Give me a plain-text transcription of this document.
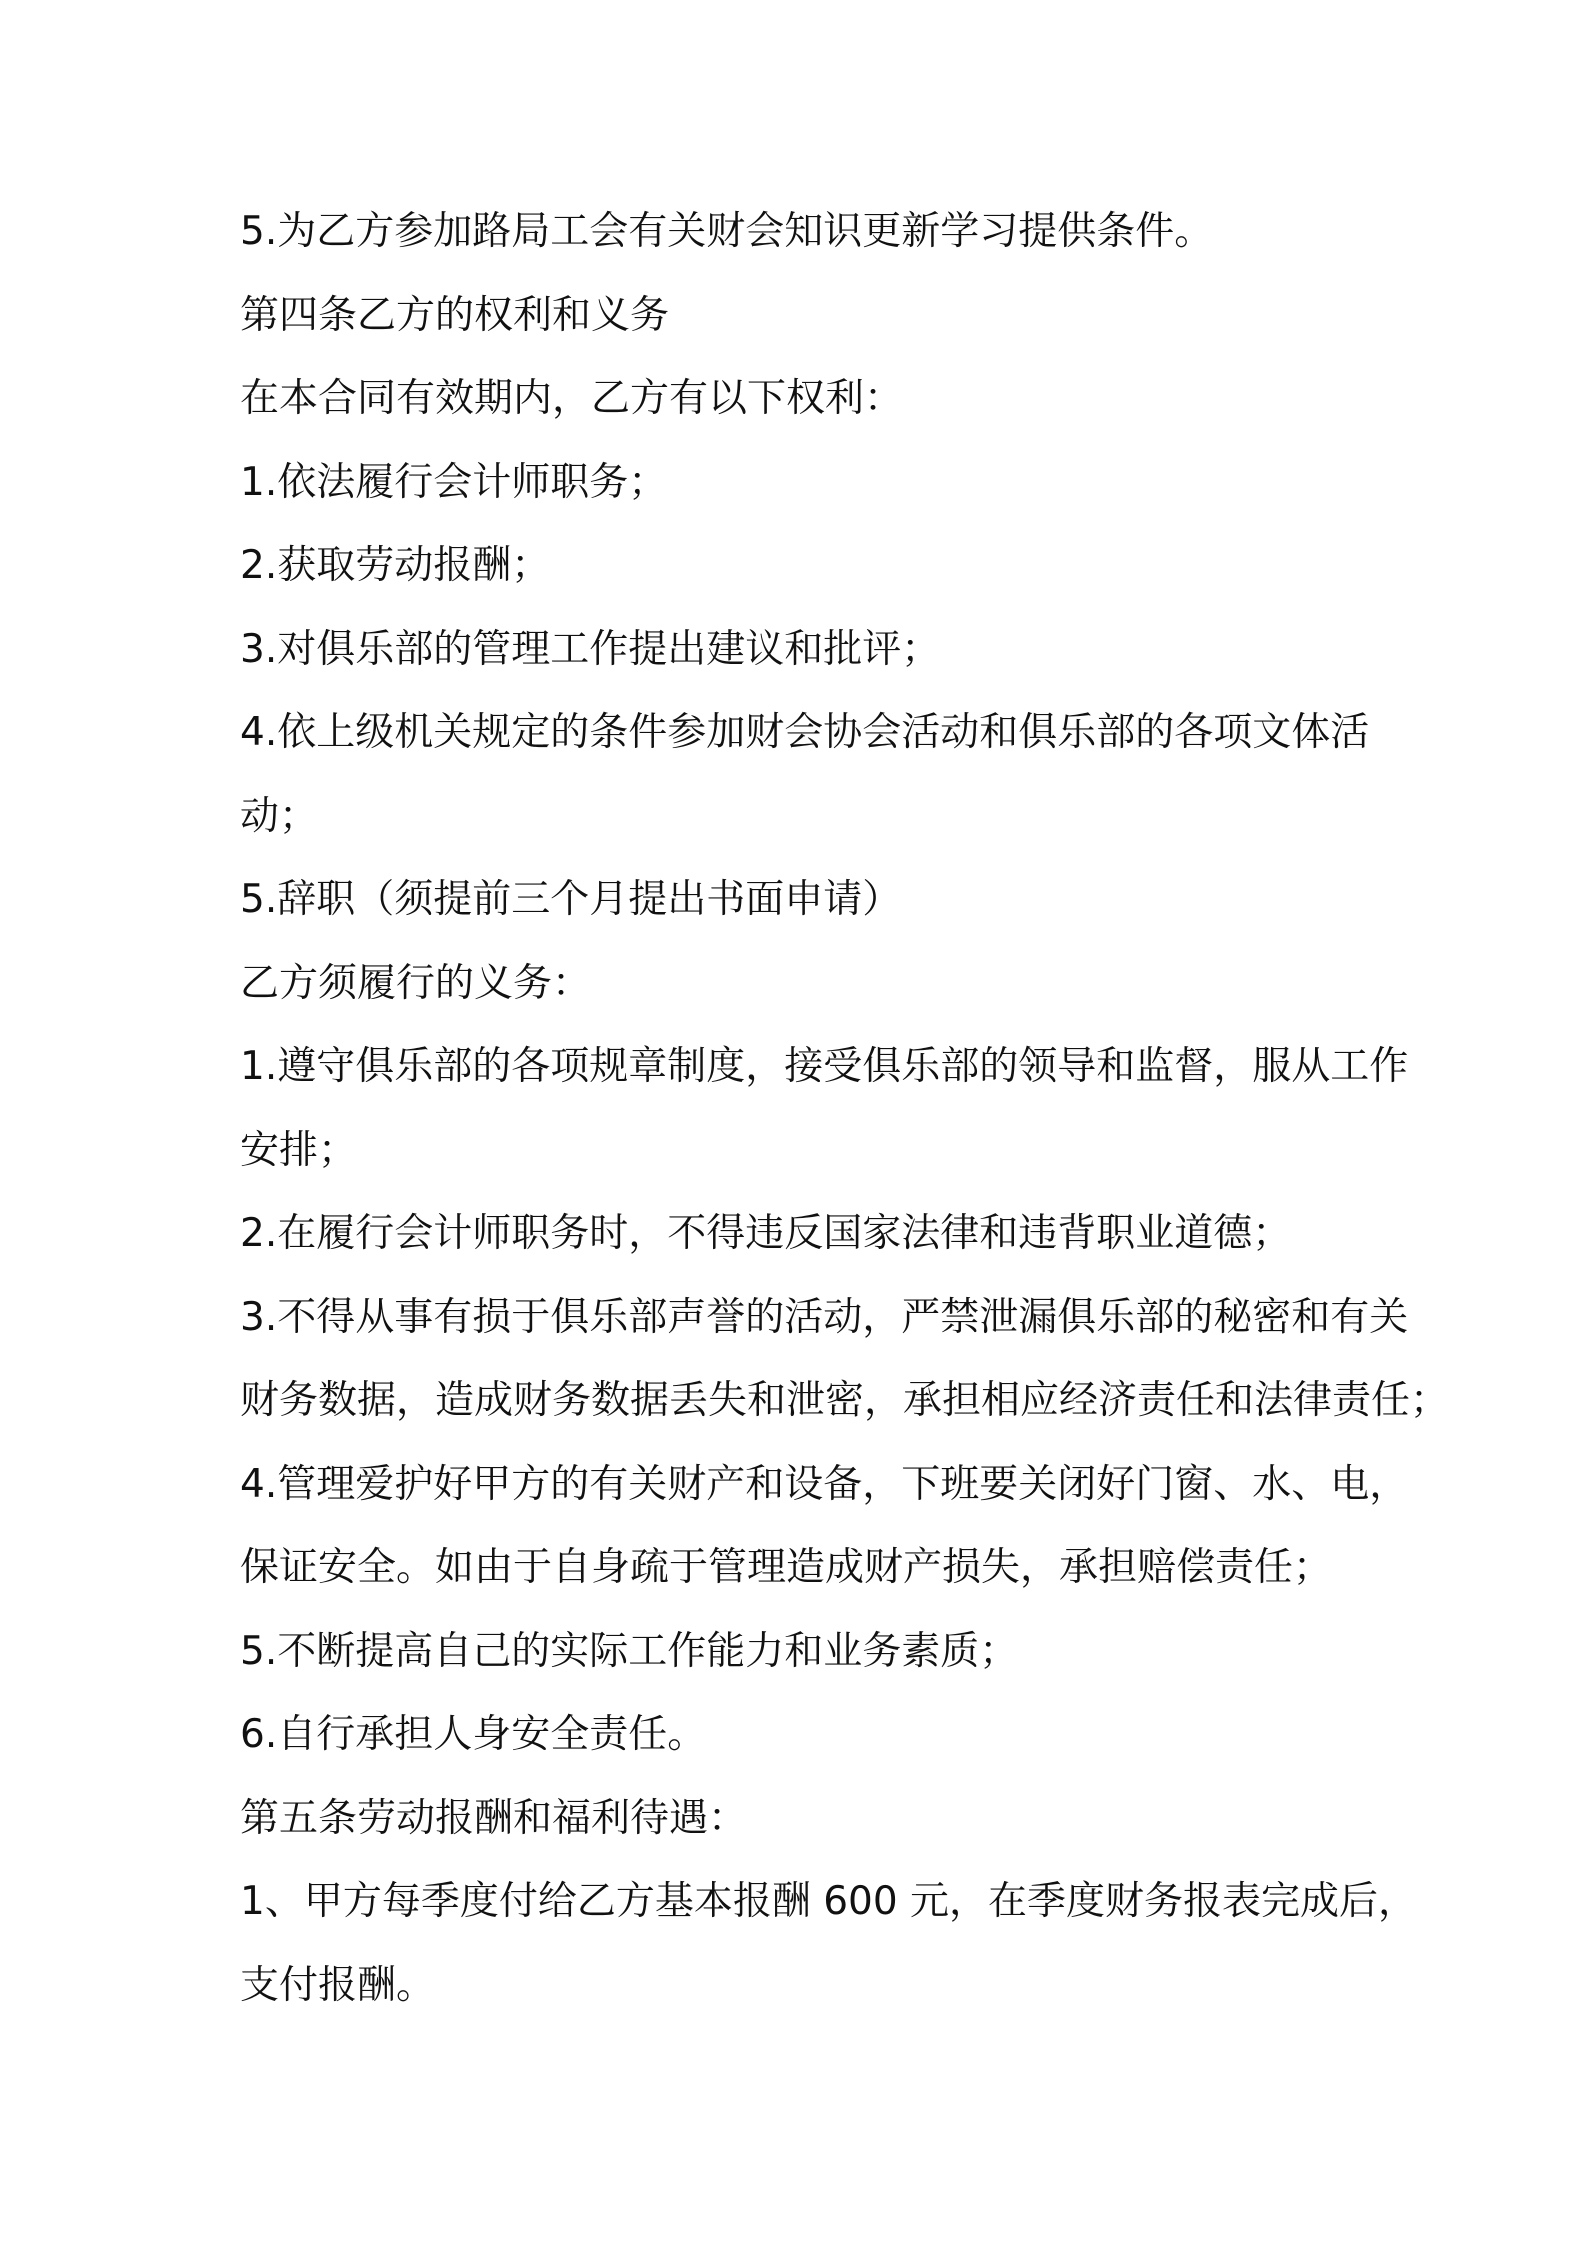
5.为乙方参加路局工会有关财会知识更新学习提供条件。

第四条乙方的权利和义务

在本合同有效期内，乙方有以下权利：

1.依法履行会计师职务；

2.获取劳动报酬；

3.对俱乐部的管理工作提出建议和批评；

4.依上级机关规定的条件参加财会协会活动和俱乐部的各项文体活

动；

5.辞职（须提前三个月提出书面申请）

乙方须履行的义务：

1.遵守俱乐部的各项规章制度，接受俱乐部的领导和监督，服从工作

安排；

2.在履行会计师职务时，不得违反国家法律和违背职业道德；

3.不得从事有损于俱乐部声誉的活动，严禁泄漏俱乐部的秘密和有关

财务数据，造成财务数据丢失和泄密，承担相应经济责任和法律责任；

4.管理爱护好甲方的有关财产和设备，下班要关闭好门窗、水、电，

保证安全。如由于自身疏于管理造成财产损失，承担赔偿责任；

5.不断提高自己的实际工作能力和业务素质；

6.自行承担人身安全责任。

第五条劳动报酬和福利待遇：

1、甲方每季度付给乙方基本报酬 600 元，在季度财务报表完成后，

支付报酬。
